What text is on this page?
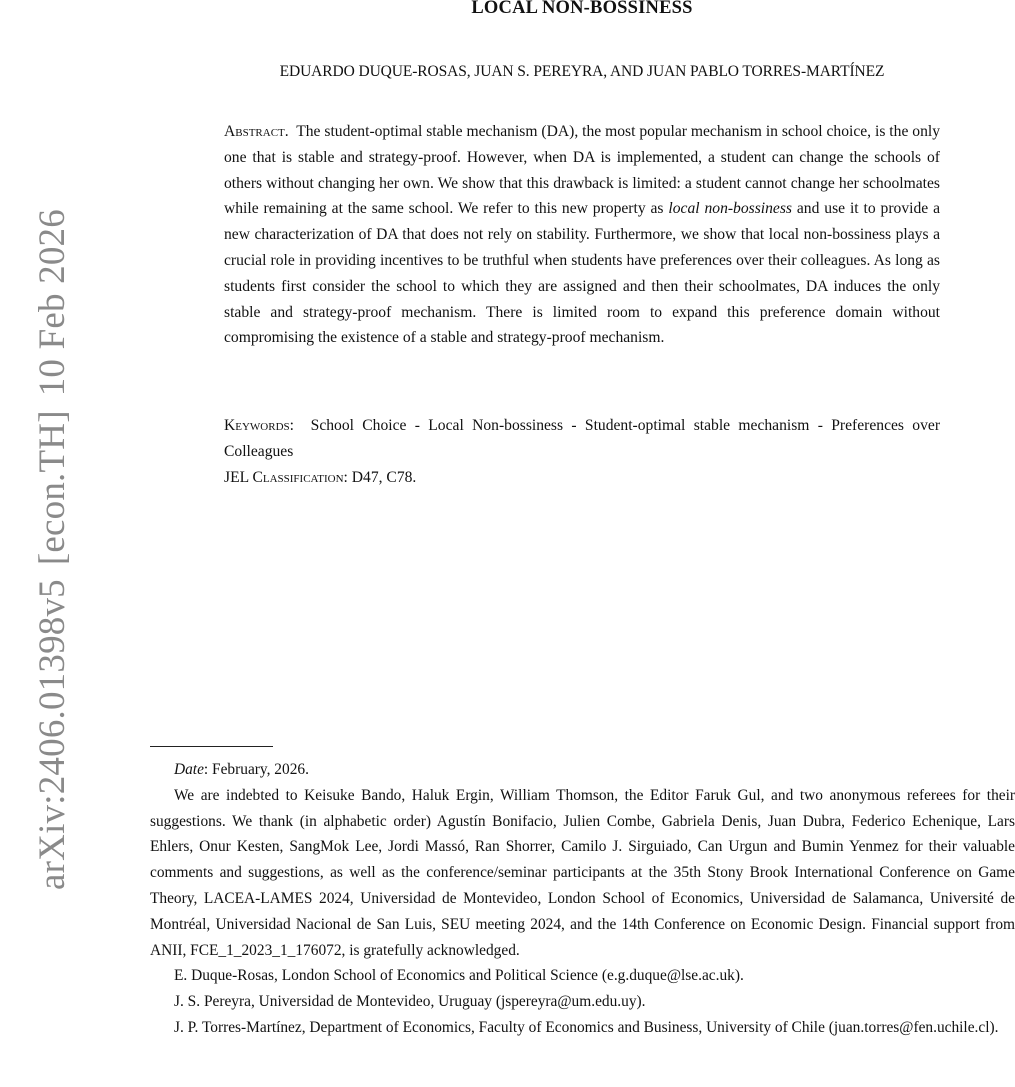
arXiv:2406.01398v5[econ.TH]10 Feb 2026
LOCAL NON-BOSSINESS
EDUARDO DUQUE-ROSAS, JUAN S. PEREYRA, AND JUAN PABLO TORRES-MARTÍNEZ
Abstract. The student-optimal stable mechanism (DA), the most popular mechanism in school choice, is the only one that is stable and strategy-proof. However, when DA is implemented, a student can change the schools of others without changing her own. We show that this drawback is limited: a student cannot change her schoolmates while remaining at the same school. We refer to this new property as local non-bossiness and use it to provide a new characterization of DA that does not rely on stability. Furthermore, we show that local non-bossiness plays a crucial role in providing incentives to be truthful when students have preferences over their colleagues. As long as students first consider the school to which they are assigned and then their schoolmates, DA induces the only stable and strategy-proof mechanism. There is limited room to expand this preference domain without compromising the existence of a stable and strategy-proof mechanism.
Keywords: School Choice - Local Non-bossiness - Student-optimal stable mechanism - Preferences over Colleagues
JEL Classification: D47, C78.

Date: February, 2026.

We are indebted to Keisuke Bando, Haluk Ergin, William Thomson, the Editor Faruk Gul, and two anonymous referees for their suggestions. We thank (in alphabetic order) Agustín Bonifacio, Julien Combe, Gabriela Denis, Juan Dubra, Federico Echenique, Lars Ehlers, Onur Kesten, SangMok Lee, Jordi Massó, Ran Shorrer, Camilo J. Sirguiado, Can Urgun and Bumin Yenmez for their valuable comments and suggestions, as well as the conference/seminar participants at the 35th Stony Brook International Conference on Game Theory, LACEA-LAMES 2024, Universidad de Montevideo, London School of Economics, Universidad de Salamanca, Université de Montréal, Universidad Nacional de San Luis, SEU meeting 2024, and the 14th Conference on Economic Design. Financial support from ANII, FCE_1_2023_1_176072, is gratefully acknowledged.

E. Duque-Rosas, London School of Economics and Political Science (e.g.duque@lse.ac.uk).

J. S. Pereyra, Universidad de Montevideo, Uruguay (jspereyra@um.edu.uy).

J. P. Torres-Martínez, Department of Economics, Faculty of Economics and Business, University of Chile (juan.torres@fen.uchile.cl).
